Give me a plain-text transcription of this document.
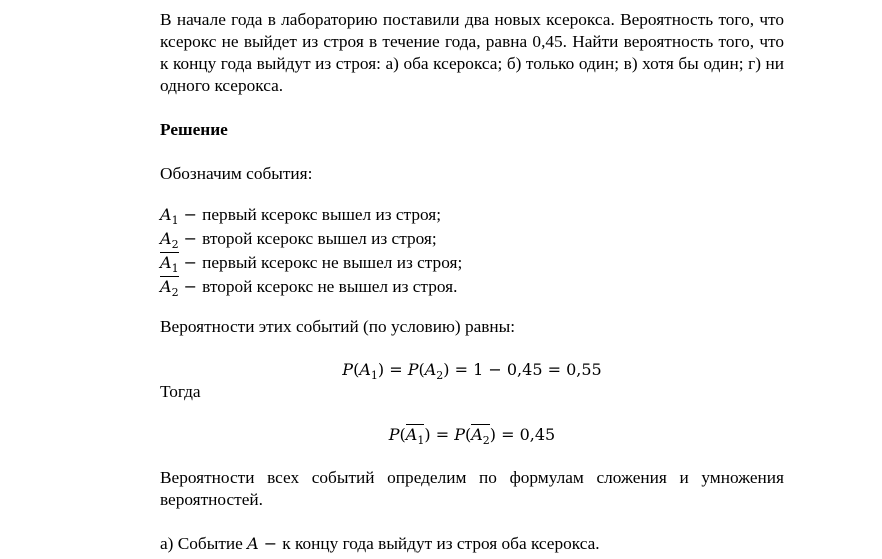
В начале года в лабораторию поставили два новых ксерокса. Вероятность того, что ксерокс не выйдет из строя в течение года, равна 0,45. Найти вероятность того, что к концу года выйдут из строя: а) оба ксерокса; б) только один; в) хотя бы один; г) ни одного ксерокса.
Решение
Обозначим события:
$A_1$ − первый ксерокс вышел из строя;
$A_2$ − второй ксерокс вышел из строя;
$A_1$ − первый ксерокс не вышел из строя;
$A_2$ − второй ксерокс не вышел из строя.
Вероятности этих событий (по условию) равны:
$P(A_1) = P(A_2) = 1 - 0,45 = 0,55$
Тогда
$P(A_1) = P(A_2) = 0,45$
Вероятности всех событий определим по формулам сложения и умножения вероятностей.
а) Событие A − к концу года выйдут из строя оба ксерокса.
